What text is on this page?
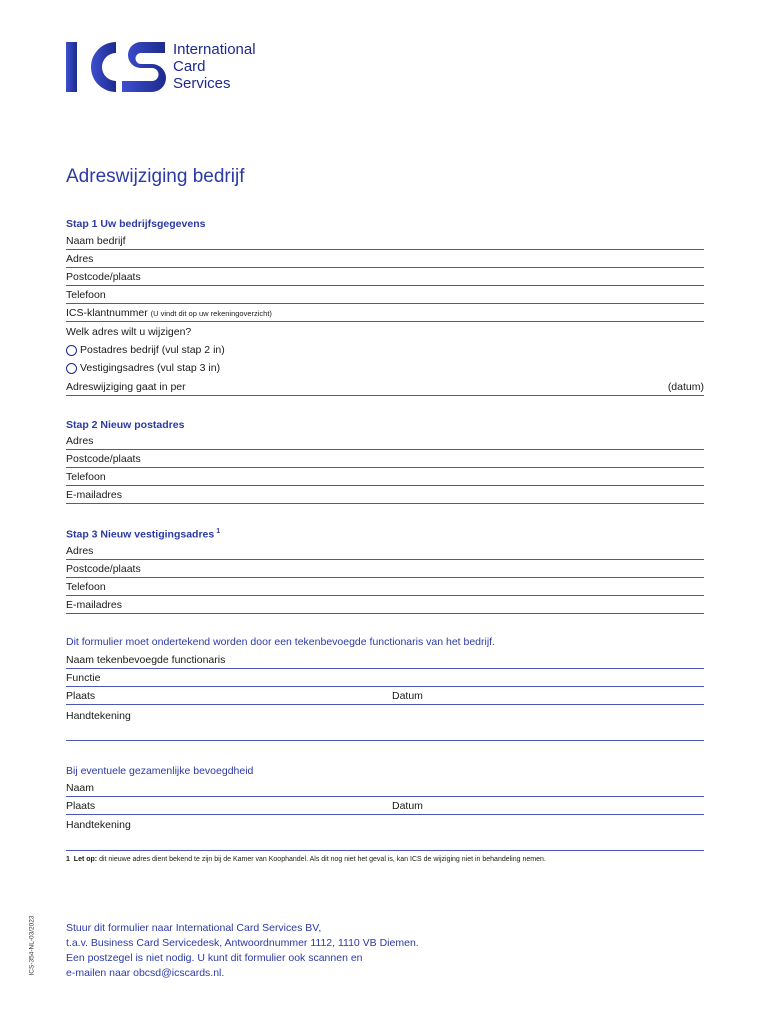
International
Card
Services
Adreswijziging bedrijf
Stap 1 Uw bedrijfsgegevens
Naam bedrijf
Adres
Postcode/plaats
Telefoon
ICS-klantnummer (U vindt dit op uw rekeningoverzicht)
Welk adres wilt u wijzigen?
Postadres bedrijf (vul stap 2 in)
Vestigingsadres (vul stap 3 in)
Adreswijziging gaat in per	(datum)
Stap 2 Nieuw postadres
Adres
Postcode/plaats
Telefoon
E-mailadres
Stap 3 Nieuw vestigingsadres $^1$
Adres
Postcode/plaats
Telefoon
E-mailadres
Dit formulier moet ondertekend worden door een tekenbevoegde functionaris van het bedrijf.
Naam tekenbevoegde functionaris
Functie
Plaats	Datum
Handtekening
Bij eventuele gezamenlijke bevoegdheid
Naam
Plaats	Datum
Handtekening
1 Let op: dit nieuwe adres dient bekend te zijn bij de Kamer van Koophandel. Als dit nog niet het geval is, kan ICS de wijziging niet in behandeling nemen.
ICS-354-NL-03/2023	Stuur dit formulier naar International Card Services BV,
t.a.v. Business Card Servicedesk, Antwoordnummer 1112, 1110 VB Diemen.
Een postzegel is niet nodig. U kunt dit formulier ook scannen en
e-mailen naar obcsd@icscards.nl.
